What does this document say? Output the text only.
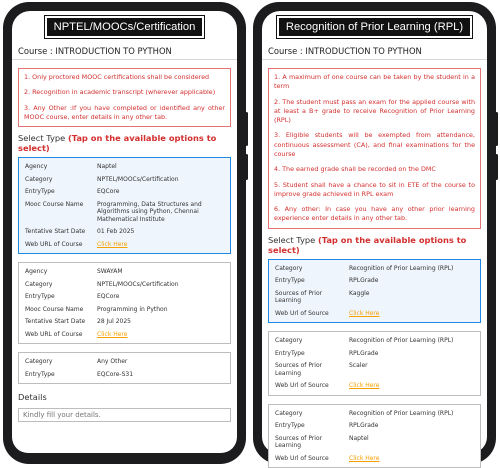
NPTEL/MOOCs/Certification
Course : INTRODUCTION TO PYTHON

1. Only proctored MOOC certifications shall be considered

2. Recognition in academic transcript (wherever applicable)

3. Any Other :If you have completed or identified any other MOOC course, enter details in any other tab.

Select Type (Tap on the available options to select)
Agency	Naptel
Category	NPTEL/MOOCs/Certification
EntryType	EQCore
Mooc Course Name	Programming, Data Structures and Algorithms using Python, Chennai Mathematical Institute
Tentative Start Date	01 Feb 2025
Web URL of Course	Click Here
Agency	SWAYAM
Category	NPTEL/MOOCs/Certification
EntryType	EQCore
Mooc Course Name	Programming in Python
Tentative Start Date	28 Jul 2025
Web URL of Course	Click Here
Category	Any Other
EntryType	EQCore-S31
Details
Kindly fill your details.
Recognition of Prior Learning (RPL)
Course : INTRODUCTION TO PYTHON

1. A maximum of one course can be taken by the student in a term

2. The student must pass an exam for the applied course with at least a B+ grade to receive Recognition of Prior Learning (RPL)

3. Eligible students will be exempted from attendance, continuous assessment (CA), and final examinations for the course

4. The earned grade shall be recorded on the DMC

5. Student shall have a chance to sit in ETE of the course to improve grade achieved in RPL exam

6. Any other: In case you have any other prior learning experience enter details in any other tab.

Select Type (Tap on the available options to select)
Category	Recognition of Prior Learning (RPL)
EntryType	RPLGrade
Sources of Prior Learning
Kaggle
Web Url of Source	Click Here
Category	Recognition of Prior Learning (RPL)
EntryType	RPLGrade
Sources of Prior Learning
Scaler
Web Url of Source	Click Here
Category	Recognition of Prior Learning (RPL)
EntryType	RPLGrade
Sources of Prior Learning
Naptel
Web Url of Source	Click Here
